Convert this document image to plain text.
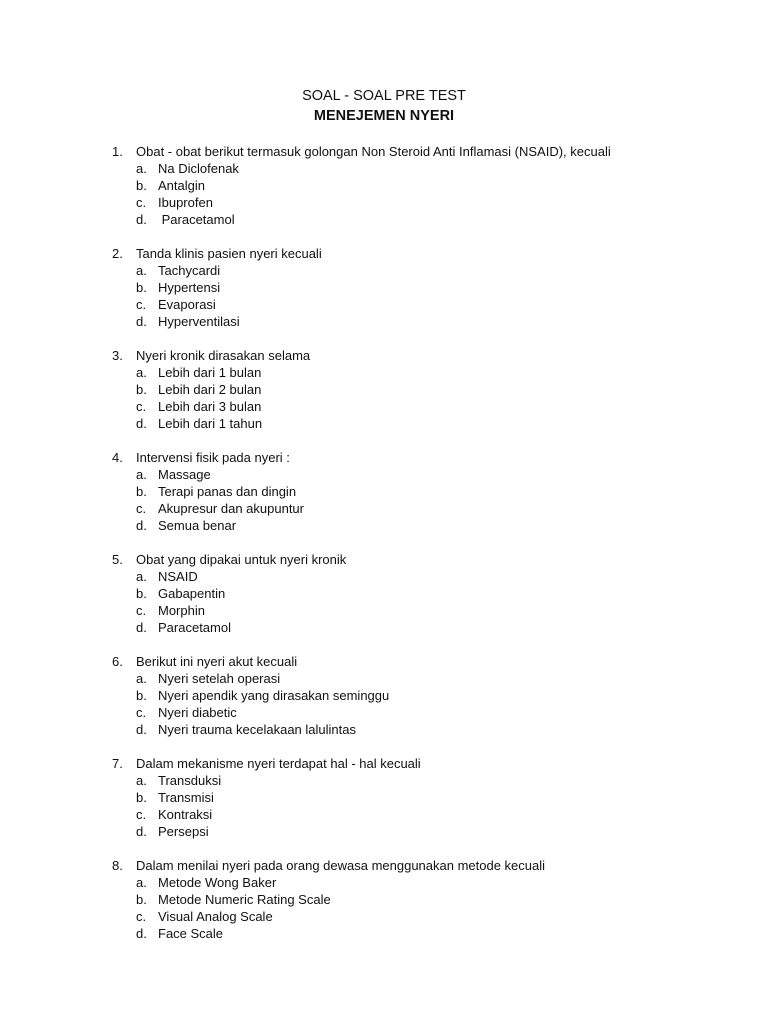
SOAL - SOAL PRE TEST
MENEJEMEN NYERI
1.	Obat - obat berikut termasuk golongan Non Steroid Anti Inflamasi (NSAID), kecuali
a. Na Diclofenak
b. Antalgin
c. Ibuprofen
d. Paracetamol
2.	Tanda klinis pasien nyeri kecuali
a. Tachycardi
b. Hypertensi
c. Evaporasi
d. Hyperventilasi
3.	Nyeri kronik dirasakan selama
a. Lebih dari 1 bulan
b. Lebih dari 2 bulan
c. Lebih dari 3 bulan
d. Lebih dari 1 tahun
4.	Intervensi fisik pada nyeri :
a. Massage
b. Terapi panas dan dingin
c. Akupresur dan akupuntur
d. Semua benar
5.	Obat yang dipakai untuk nyeri kronik
a. NSAID
b. Gabapentin
c. Morphin
d. Paracetamol
6.	Berikut ini nyeri akut kecuali
a. Nyeri setelah operasi
b. Nyeri apendik yang dirasakan seminggu
c. Nyeri diabetic
d. Nyeri trauma kecelakaan lalulintas
7.	Dalam mekanisme nyeri terdapat hal - hal kecuali
a. Transduksi
b. Transmisi
c. Kontraksi
d. Persepsi
8.	Dalam menilai nyeri pada orang dewasa menggunakan metode kecuali
a. Metode Wong Baker
b. Metode Numeric Rating Scale
c. Visual Analog Scale
d. Face Scale
